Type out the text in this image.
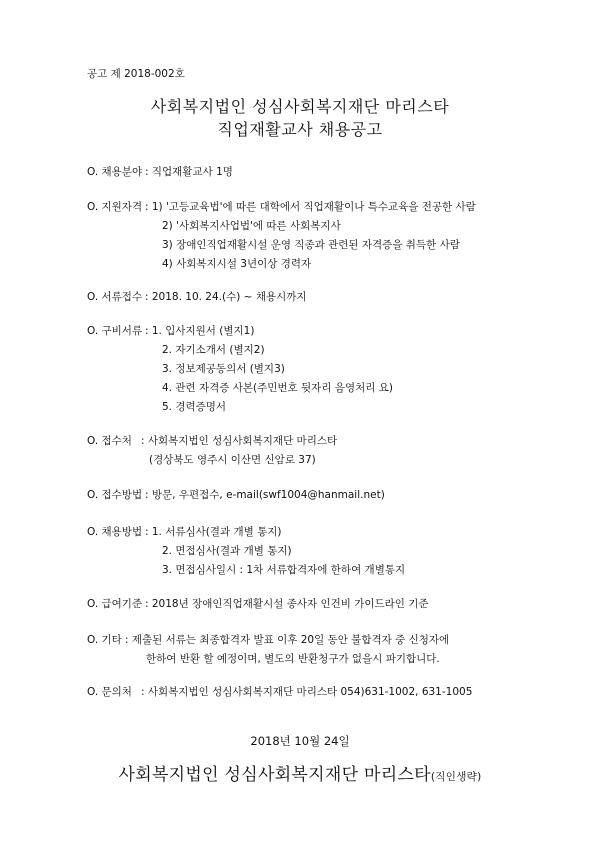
공고 제 2018-002호
사회복지법인 성심사회복지재단 마리스타
직업재활교사 채용공고
O. 채용분야 : 직업재활교사 1명
O. 지원자격 : 1) '고등교육법'에 따른 대학에서 직업재활이나 특수교육을 전공한 사람
2) '사회복지사업법'에 따른 사회복지사
3) 장애인직업재활시설 운영 직종과 관련된 자격증을 취득한 사람
4) 사회복지시설 3년이상 경력자
O. 서류접수 : 2018. 10. 24.(수) ~ 채용시까지
O. 구비서류 : 1. 입사지원서 (별지1)
2. 자기소개서 (별지2)
3. 정보제공동의서 (별지3)
4. 관련 자격증 사본(주민번호 뒷자리 음영처리 요)
5. 경력증명서
O. 접수처 : 사회복지법인 성심사회복지재단 마리스타
(경상북도 영주시 이산면 신암로 37)
O. 접수방법 : 방문, 우편접수, e-mail(swf1004@hanmail.net)
O. 채용방법 : 1. 서류심사(결과 개별 통지)
2. 면접심사(결과 개별 통지)
3. 면접심사일시 : 1차 서류합격자에 한하여 개별통지
O. 급여기준 : 2018년 장애인직업재활시설 종사자 인건비 가이드라인 기준
O. 기타 : 제출된 서류는 최종합격자 발표 이후 20일 동안 불합격자 중 신청자에
한하여 반환 할 예정이며, 별도의 반환청구가 없을시 파기합니다.
O. 문의처 : 사회복지법인 성심사회복지재단 마리스타 054)631-1002, 631-1005
2018년 10월 24일
사회복지법인 성심사회복지재단 마리스타(직인생략)
